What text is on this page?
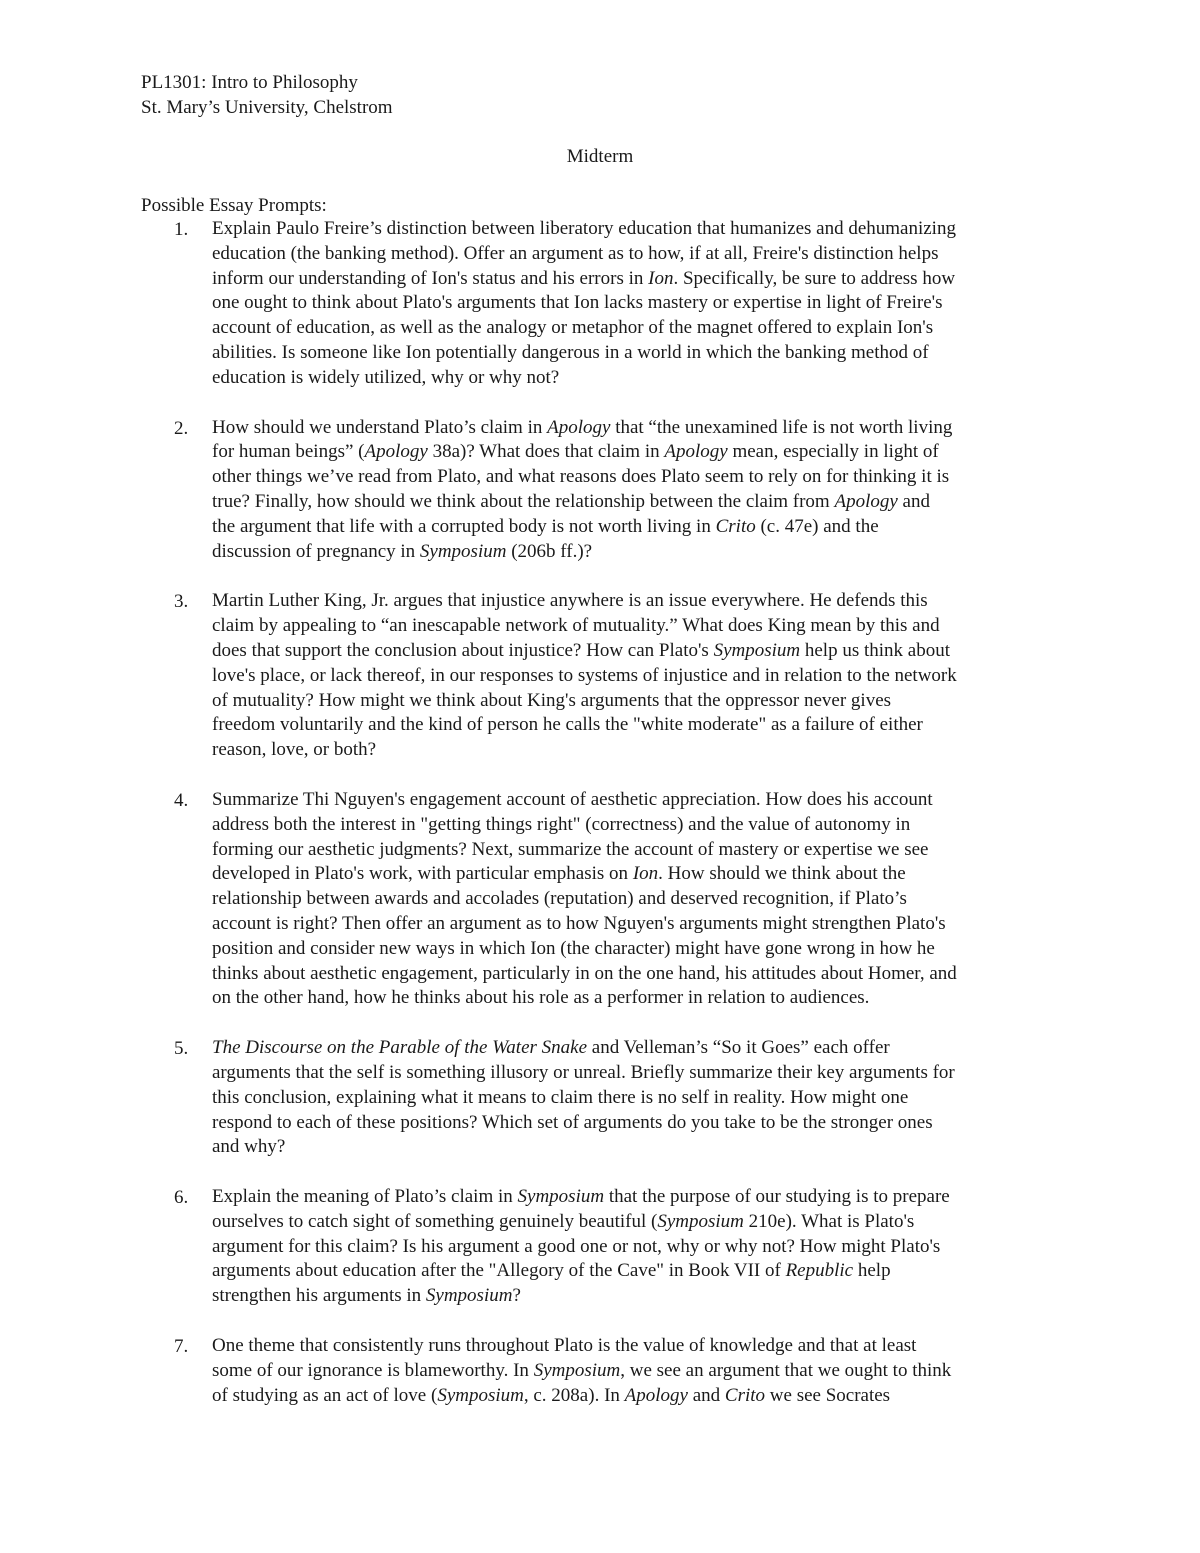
PL1301: Intro to Philosophy
St. Mary’s University, Chelstrom
Midterm
Possible Essay Prompts:
1. Explain Paulo Freire’s distinction between liberatory education that humanizes and dehumanizing
education (the banking method). Offer an argument as to how, if at all, Freire's distinction helps
inform our understanding of Ion's status and his errors in Ion. Specifically, be sure to address how
one ought to think about Plato's arguments that Ion lacks mastery or expertise in light of Freire's
account of education, as well as the analogy or metaphor of the magnet offered to explain Ion's
abilities. Is someone like Ion potentially dangerous in a world in which the banking method of
education is widely utilized, why or why not?
2. How should we understand Plato’s claim in Apology that “the unexamined life is not worth living
for human beings” (Apology 38a)? What does that claim in Apology mean, especially in light of
other things we’ve read from Plato, and what reasons does Plato seem to rely on for thinking it is
true? Finally, how should we think about the relationship between the claim from Apology and
the argument that life with a corrupted body is not worth living in Crito (c. 47e) and the
discussion of pregnancy in Symposium (206b ff.)?
3. Martin Luther King, Jr. argues that injustice anywhere is an issue everywhere. He defends this
claim by appealing to “an inescapable network of mutuality.” What does King mean by this and
does that support the conclusion about injustice? How can Plato's Symposium help us think about
love's place, or lack thereof, in our responses to systems of injustice and in relation to the network
of mutuality? How might we think about King's arguments that the oppressor never gives
freedom voluntarily and the kind of person he calls the "white moderate" as a failure of either
reason, love, or both?
4. Summarize Thi Nguyen's engagement account of aesthetic appreciation. How does his account
address both the interest in "getting things right" (correctness) and the value of autonomy in
forming our aesthetic judgments? Next, summarize the account of mastery or expertise we see
developed in Plato's work, with particular emphasis on Ion. How should we think about the
relationship between awards and accolades (reputation) and deserved recognition, if Plato’s
account is right? Then offer an argument as to how Nguyen's arguments might strengthen Plato's
position and consider new ways in which Ion (the character) might have gone wrong in how he
thinks about aesthetic engagement, particularly in on the one hand, his attitudes about Homer, and
on the other hand, how he thinks about his role as a performer in relation to audiences.
5. The Discourse on the Parable of the Water Snake and Velleman’s “So it Goes” each offer
arguments that the self is something illusory or unreal. Briefly summarize their key arguments for
this conclusion, explaining what it means to claim there is no self in reality. How might one
respond to each of these positions? Which set of arguments do you take to be the stronger ones
and why?
6. Explain the meaning of Plato’s claim in Symposium that the purpose of our studying is to prepare
ourselves to catch sight of something genuinely beautiful (Symposium 210e). What is Plato's
argument for this claim? Is his argument a good one or not, why or why not? How might Plato's
arguments about education after the "Allegory of the Cave" in Book VII of Republic help
strengthen his arguments in Symposium?
7. One theme that consistently runs throughout Plato is the value of knowledge and that at least
some of our ignorance is blameworthy. In Symposium, we see an argument that we ought to think
of studying as an act of love (Symposium, c. 208a). In Apology and Crito we see Socrates
